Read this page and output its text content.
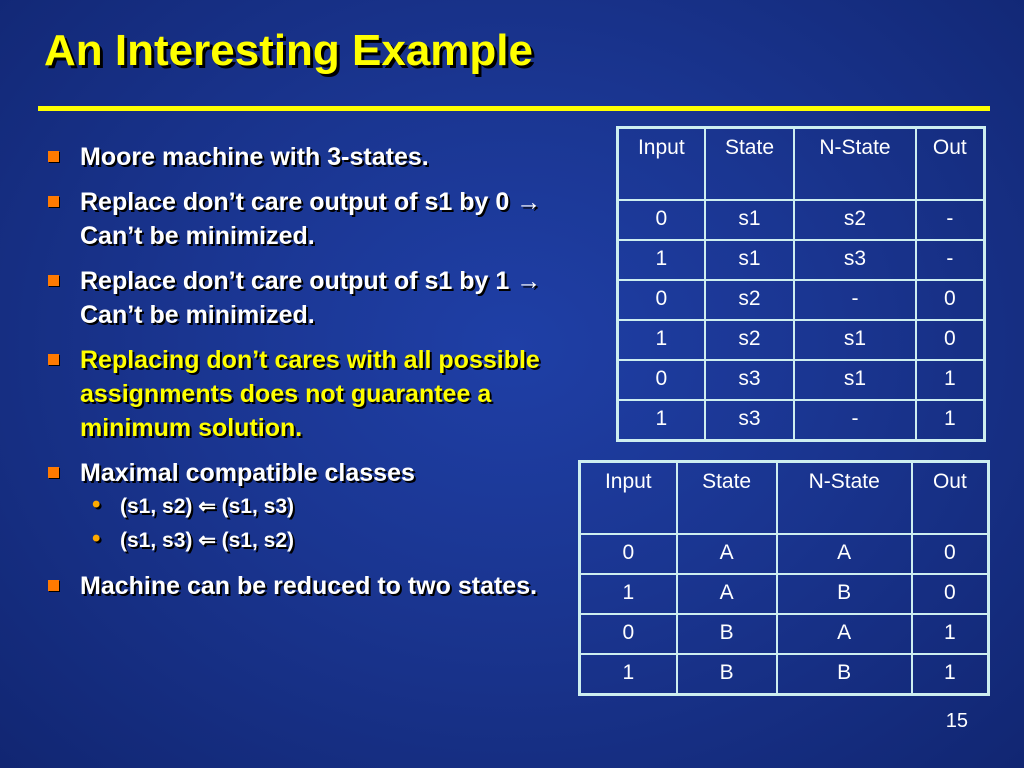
An Interesting Example
Moore machine with 3-states.
Replace don’t care output of s1 by 0 → Can’t be minimized.
Replace don’t care output of s1 by 1 → Can’t be minimized.
Replacing don’t cares with all possible assignments does not guarantee a minimum solution.
Maximal compatible classes
• (s1, s2) ⇐ (s1, s3)
• (s1, s3) ⇐ (s1, s2)
Machine can be reduced to two states.
Input	State	N-State	Out
0	s1	s2	-
1	s1	s3	-
0	s2	-	0
1	s2	s1	0
0	s3	s1	1
1	s3	-	1
Input	State	N-State	Out
0	A	A	0
1	A	B	0
0	B	A	1
1	B	B	1
15
